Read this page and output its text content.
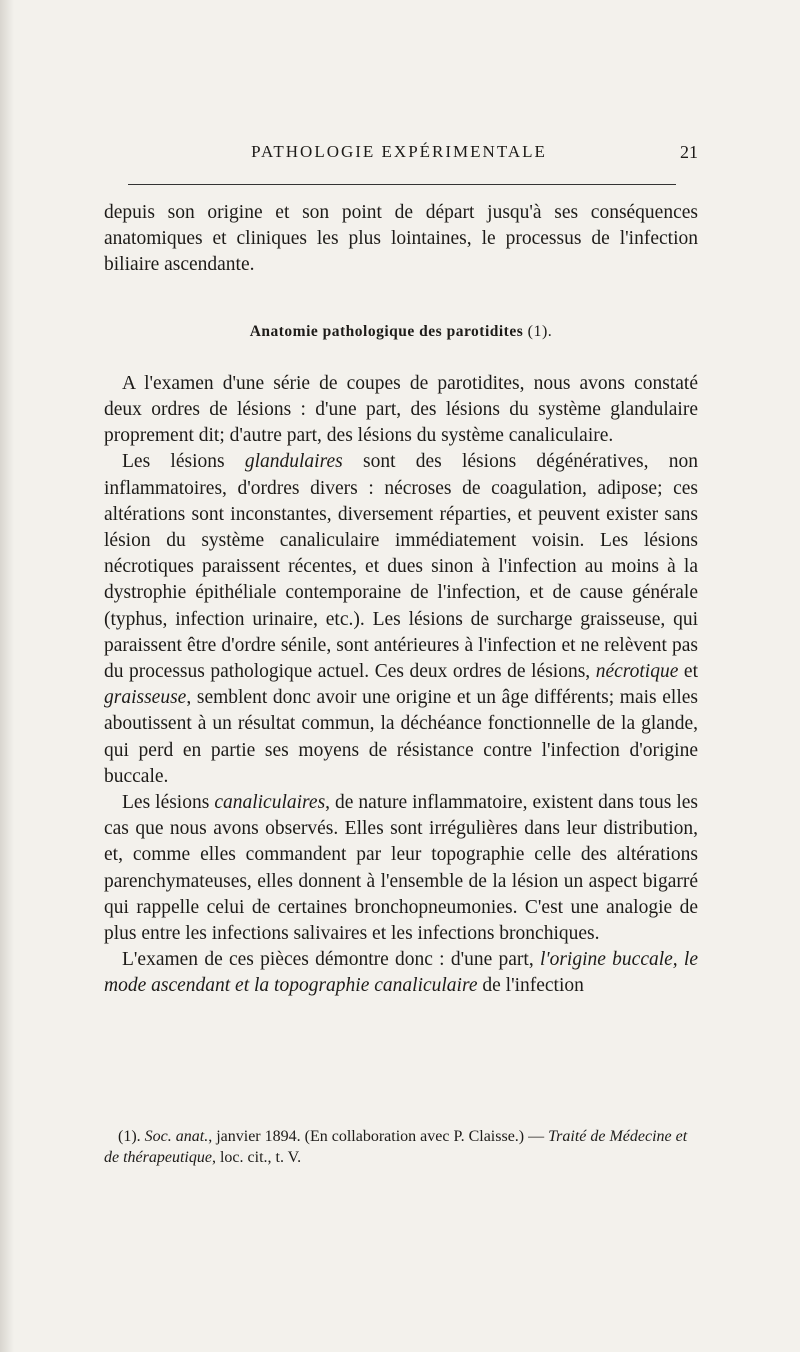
PATHOLOGIE EXPÉRIMENTALE	21

depuis son origine et son point de départ jusqu'à ses conséquences anatomiques et cliniques les plus lointaines, le processus de l'infection biliaire ascendante.

Anatomie pathologique des parotidites (1).

A l'examen d'une série de coupes de parotidites, nous avons constaté deux ordres de lésions : d'une part, des lésions du système glandulaire proprement dit; d'autre part, des lésions du système canaliculaire.

Les lésions glandulaires sont des lésions dégénératives, non inflammatoires, d'ordres divers : nécroses de coagulation, adipose; ces altérations sont inconstantes, diversement réparties, et peuvent exister sans lésion du système canaliculaire immédiatement voisin. Les lésions nécrotiques paraissent récentes, et dues sinon à l'infection au moins à la dystrophie épithéliale contemporaine de l'infection, et de cause générale (typhus, infection urinaire, etc.). Les lésions de surcharge graisseuse, qui paraissent être d'ordre sénile, sont antérieures à l'infection et ne relèvent pas du processus pathologique actuel. Ces deux ordres de lésions, nécrotique et graisseuse, semblent donc avoir une origine et un âge différents; mais elles aboutissent à un résultat commun, la déchéance fonctionnelle de la glande, qui perd en partie ses moyens de résistance contre l'infection d'origine buccale.

Les lésions canaliculaires, de nature inflammatoire, existent dans tous les cas que nous avons observés. Elles sont irrégulières dans leur distribution, et, comme elles commandent par leur topographie celle des altérations parenchymateuses, elles donnent à l'ensemble de la lésion un aspect bigarré qui rappelle celui de certaines bronchopneumonies. C'est une analogie de plus entre les infections salivaires et les infections bronchiques.

L'examen de ces pièces démontre donc : d'une part, l'origine buccale, le mode ascendant et la topographie canaliculaire de l'infection

(1). Soc. anat., janvier 1894. (En collaboration avec P. Claisse.) — Traité de Médecine et de thérapeutique, loc. cit., t. V.
